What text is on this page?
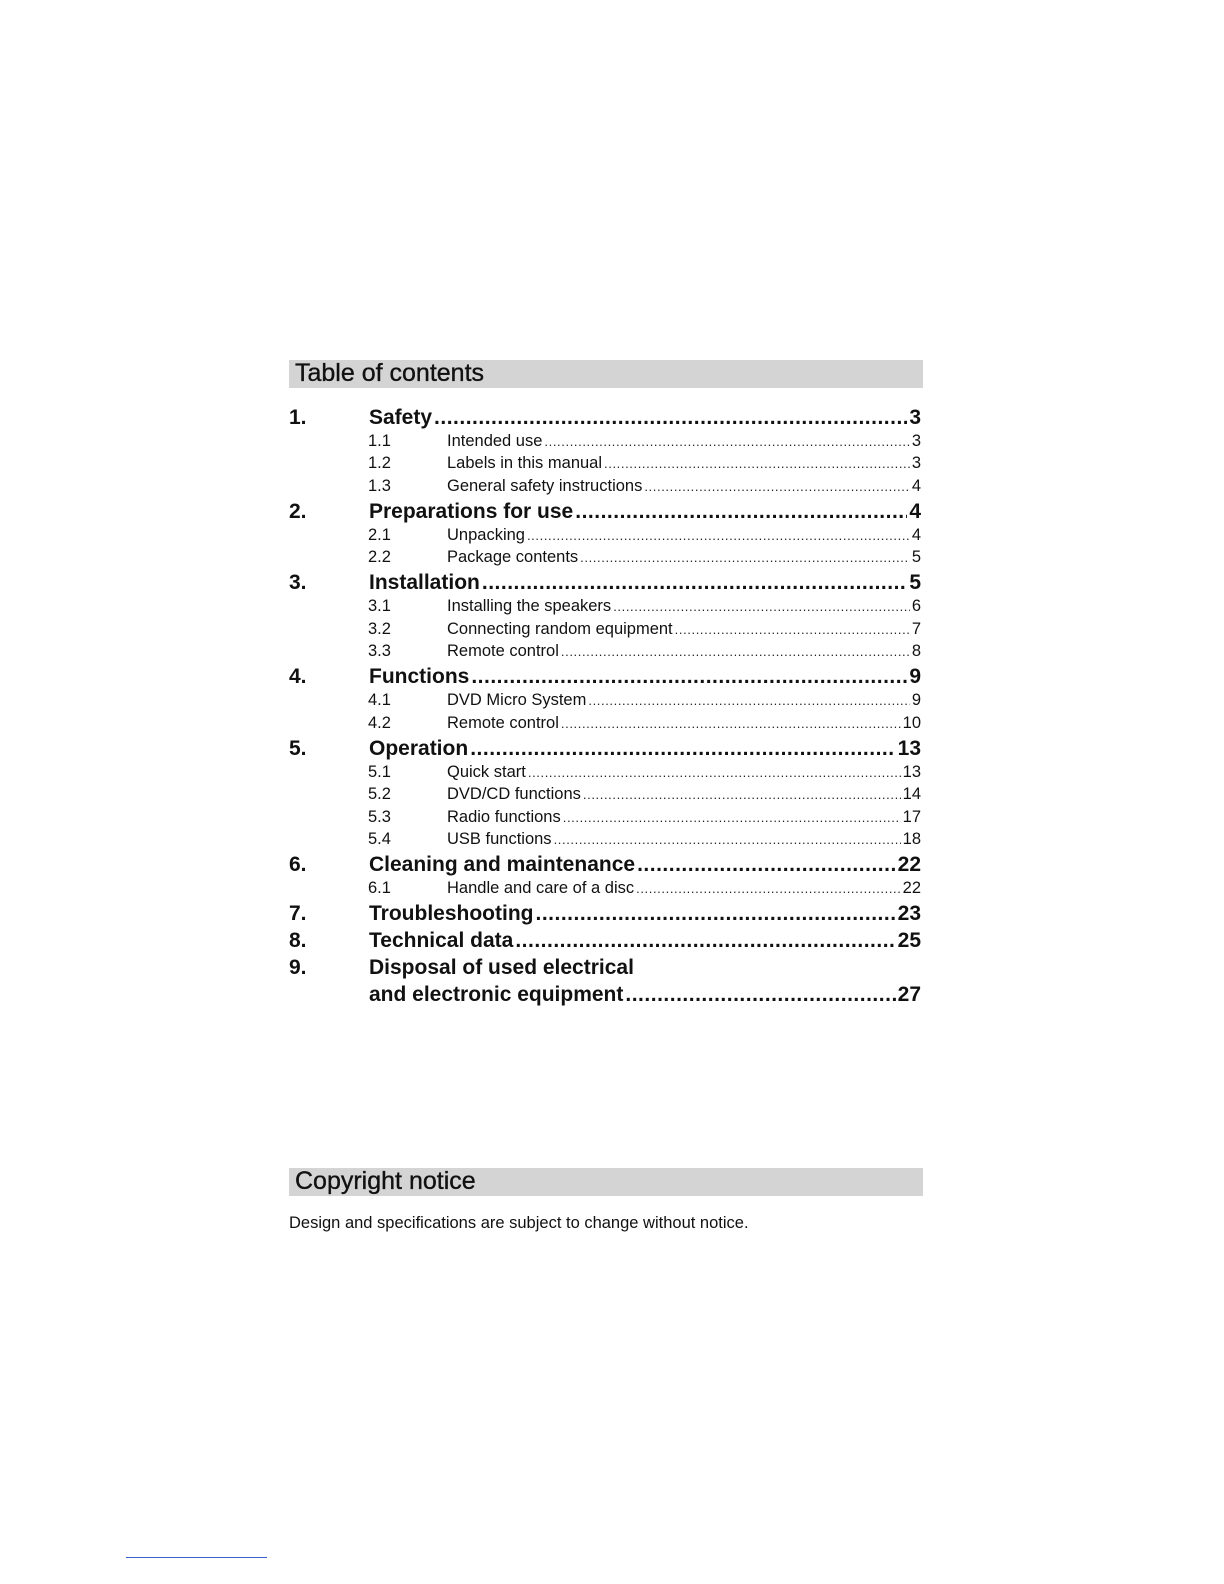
Table of contents
1.	Safety .....	3
1.1	Intended use .....	3
1.2	Labels in this manual .....	3
1.3	General safety instructions .....	4
2.	Preparations for use .....	4
2.1	Unpacking .....	4
2.2	Package contents .....	5
3.	Installation .....	5
3.1	Installing the speakers .....	6
3.2	Connecting random equipment .....	7
3.3	Remote control .....	8
4.	Functions .....	9
4.1	DVD Micro System .....	9
4.2	Remote control .....	10
5.	Operation .....	13
5.1	Quick start .....	13
5.2	DVD/CD functions .....	14
5.3	Radio functions .....	17
5.4	USB functions .....	18
6.	Cleaning and maintenance .....	22
6.1	Handle and care of a disc .....	22
7.	Troubleshooting .....	23
8.	Technical data .....	25
9.	Disposal of used electrical
and electronic equipment .....	27
Copyright notice
Design and specifications are subject to change without notice.
